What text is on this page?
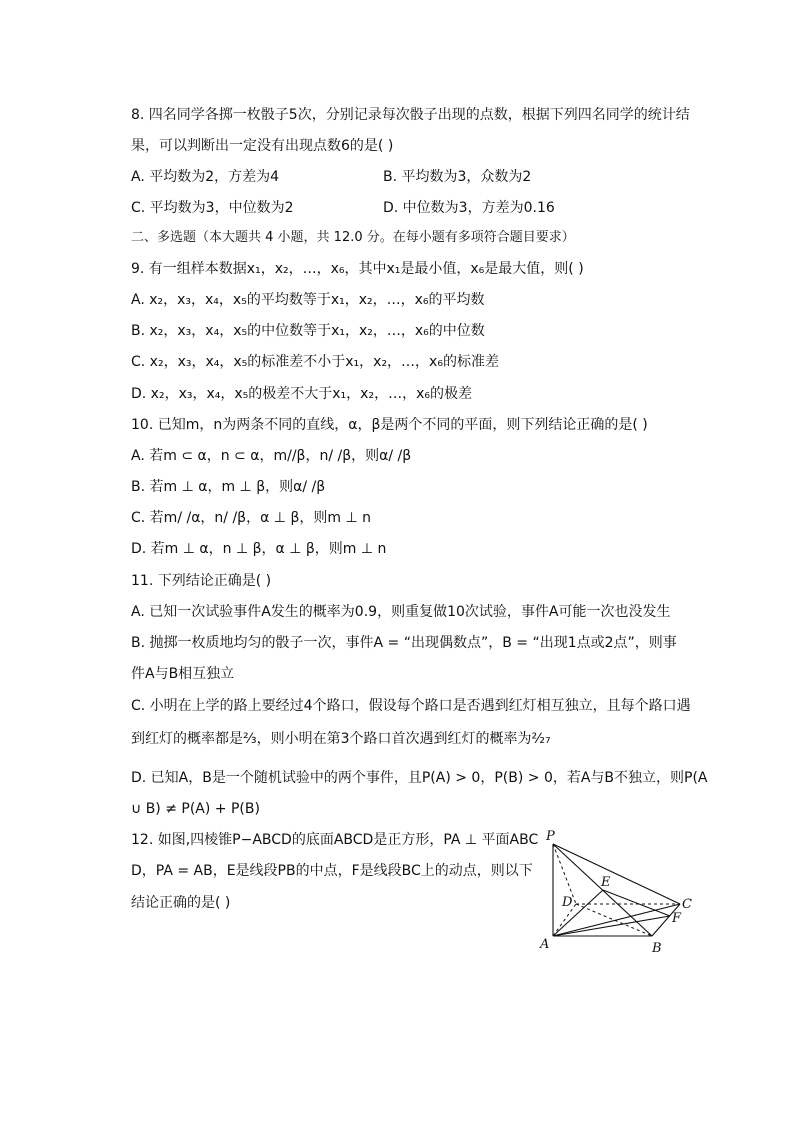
8. 四名同学各掷一枚骰子5次，分别记录每次骰子出现的点数，根据下列四名同学的统计结
果，可以判断出一定没有出现点数6的是( )
A. 平均数为2，方差为4	B. 平均数为3，众数为2
C. 平均数为3，中位数为2	D. 中位数为3，方差为0.16
二、多选题（本大题共 4 小题，共 12.0 分。在每小题有多项符合题目要求）
9. 有一组样本数据x₁，x₂，…，x₆，其中x₁是最小值，x₆是最大值，则( )
A. x₂，x₃，x₄，x₅的平均数等于x₁，x₂，…，x₆的平均数
B. x₂，x₃，x₄，x₅的中位数等于x₁，x₂，…，x₆的中位数
C. x₂，x₃，x₄，x₅的标准差不小于x₁，x₂，…，x₆的标准差
D. x₂，x₃，x₄，x₅的极差不大于x₁，x₂，…，x₆的极差
10. 已知m，n为两条不同的直线，α，β是两个不同的平面，则下列结论正确的是( )
A. 若m ⊂ α，n ⊂ α，m//β，n/ /β，则α/ /β
B. 若m ⊥ α，m ⊥ β，则α/ /β
C. 若m/ /α，n/ /β，α ⊥ β，则m ⊥ n
D. 若m ⊥ α，n ⊥ β，α ⊥ β，则m ⊥ n
11. 下列结论正确是( )
A. 已知一次试验事件A发生的概率为0.9，则重复做10次试验，事件A可能一次也没发生
B. 抛掷一枚质地均匀的骰子一次，事件A = “出现偶数点”，B = “出现1点或2点”，则事
件A与B相互独立
C. 小明在上学的路上要经过4个路口，假设每个路口是否遇到红灯相互独立，且每个路口遇
到红灯的概率都是⅔，则小明在第3个路口首次遇到红灯的概率为²⁄₂₇
D. 已知A，B是一个随机试验中的两个事件，且P(A) > 0，P(B) > 0，若A与B不独立，则P(A
∪ B) ≠ P(A) + P(B)
12. 如图,四棱锥P−ABCD的底面ABCD是正方形，PA ⊥ 平面ABC
D，PA = AB，E是线段PB的中点，F是线段BC上的动点，则以下
结论正确的是( )
P
A	B
C
D
E
F
